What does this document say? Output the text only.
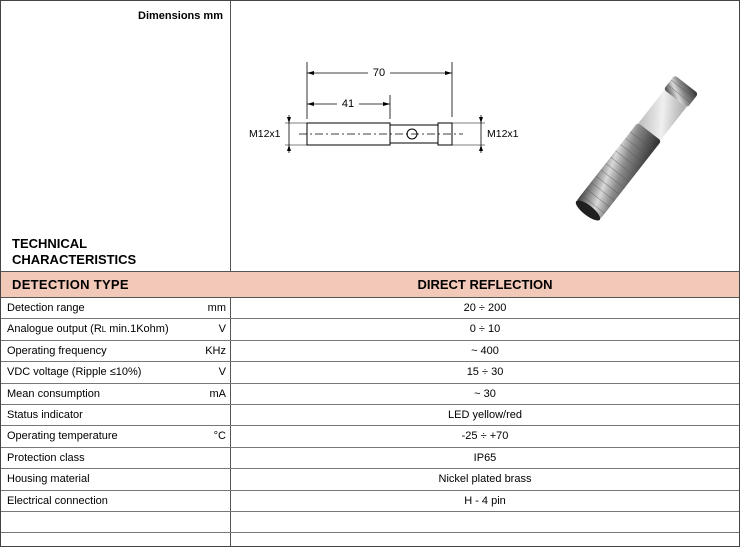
Dimensions mm
TECHNICAL
CHARACTERISTICS
70
41
M12x1	M12x1
DETECTION TYPE	DIRECT REFLECTION
Detection range	mm	20 ÷ 200
Analogue output (RL min.1Kohm)	V	0 ÷ 10
Operating frequency	KHz	~ 400
VDC voltage (Ripple ≤10%)	V	15 ÷ 30
Mean consumption	mA	~ 30
Status indicator	LED yellow/red
Operating temperature	°C	-25 ÷ +70
Protection class	IP65
Housing material	Nickel plated brass
Electrical connection	H - 4 pin
